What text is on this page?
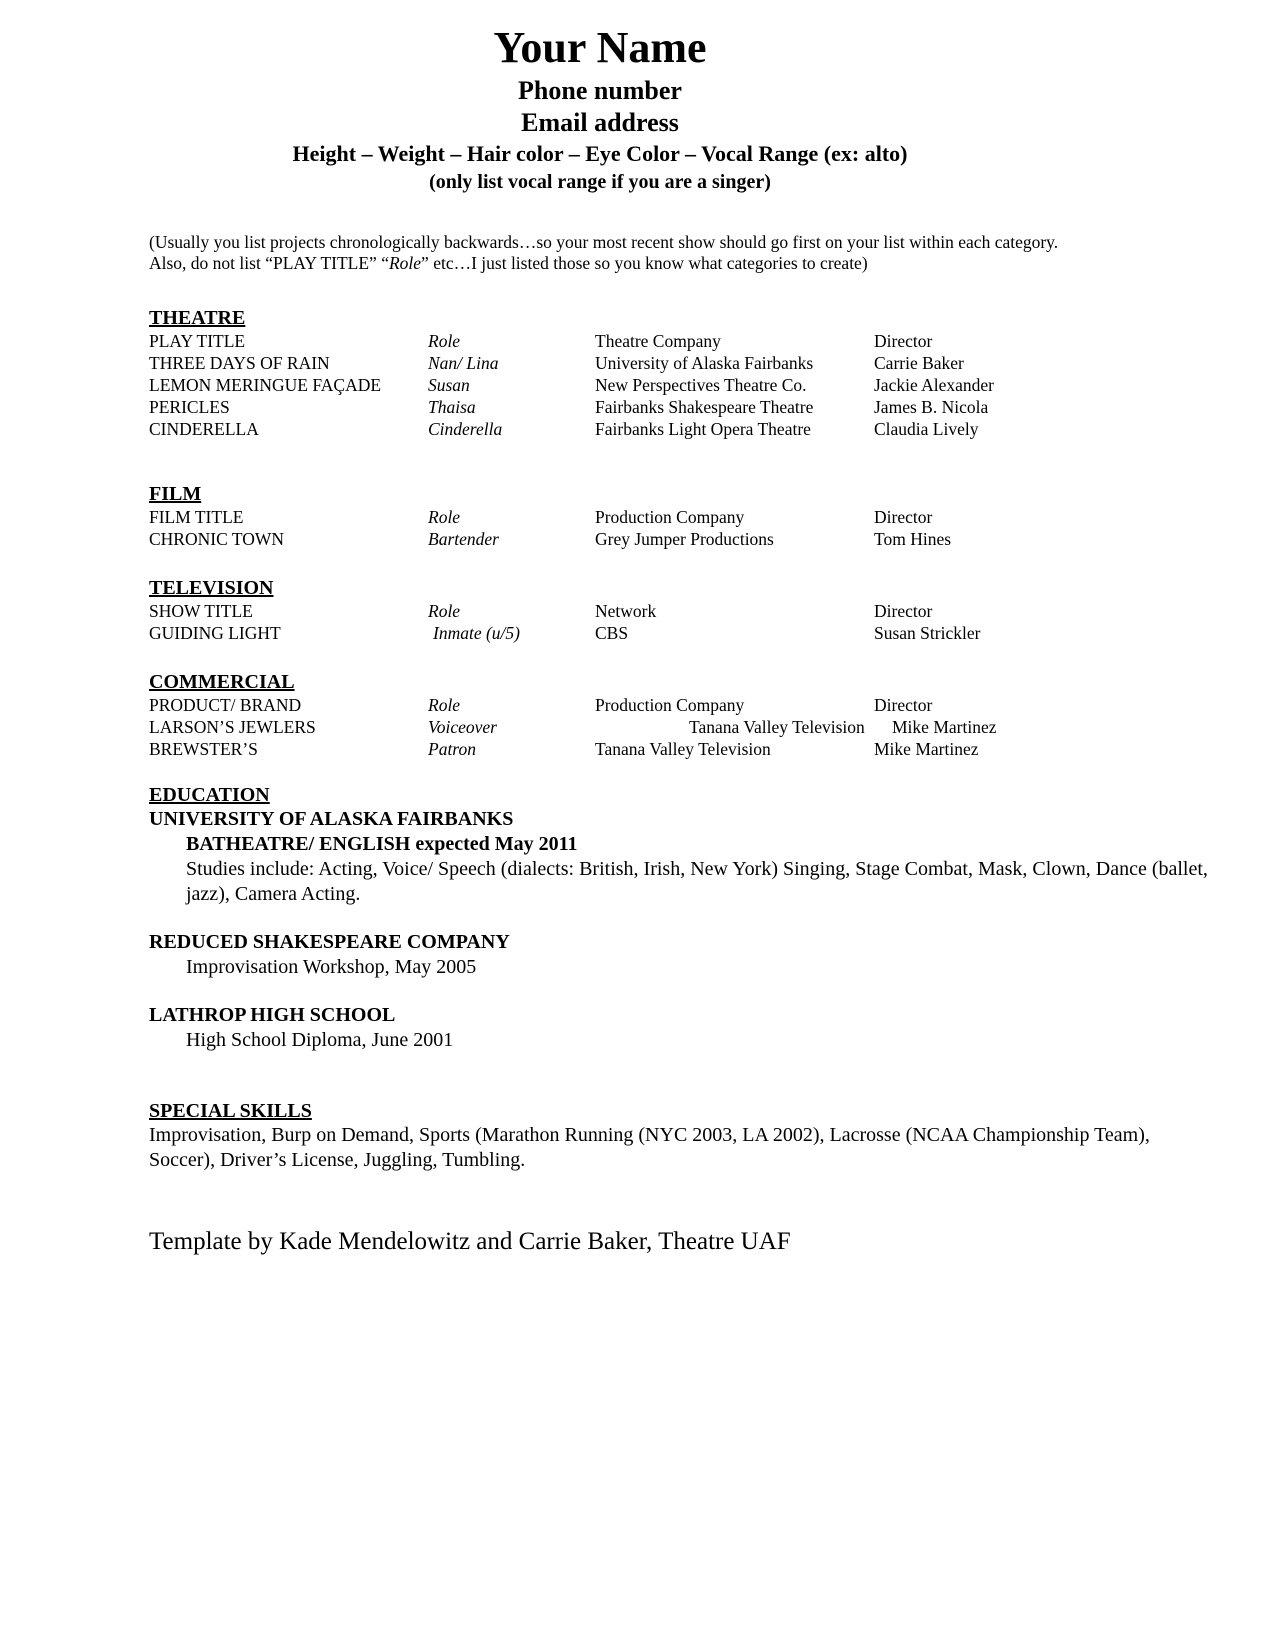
Your Name
Phone number
Email address
Height – Weight – Hair color – Eye Color – Vocal Range (ex: alto)
(only list vocal range if you are a singer)

(Usually you list projects chronologically backwards…so your most recent show should go first on your list within each category. Also, do not list “PLAY TITLE” “Role” etc…I just listed those so you know what categories to create)

THEATRE
PLAY TITLE	Role	Theatre Company	Director
THREE DAYS OF RAIN	Nan/ Lina	University of Alaska Fairbanks	Carrie Baker
LEMON MERINGUE FAÇADE	Susan	New Perspectives Theatre Co.	Jackie Alexander
PERICLES	Thaisa	Fairbanks Shakespeare Theatre	James B. Nicola
CINDERELLA	Cinderella	Fairbanks Light Opera Theatre	Claudia Lively
FILM
FILM TITLE	Role	Production Company	Director
CHRONIC TOWN	Bartender	Grey Jumper Productions	Tom Hines
TELEVISION
SHOW TITLE	Role	Network	Director
GUIDING LIGHT	Inmate (u/5)	CBS	Susan Strickler
COMMERCIAL
PRODUCT/ BRAND	Role	Production Company	Director
LARSON’S JEWLERS	Voiceover	Tanana Valley Television	Mike Martinez
BREWSTER’S	Patron	Tanana Valley Television	Mike Martinez
EDUCATION
UNIVERSITY OF ALASKA FAIRBANKS
BATHEATRE/ ENGLISH expected May 2011
Studies include: Acting, Voice/ Speech (dialects: British, Irish, New York) Singing, Stage Combat, Mask, Clown, Dance (ballet, jazz), Camera Acting.
REDUCED SHAKESPEARE COMPANY
Improvisation Workshop, May 2005
LATHROP HIGH SCHOOL
High School Diploma, June 2001
SPECIAL SKILLS
Improvisation, Burp on Demand, Sports (Marathon Running (NYC 2003, LA 2002), Lacrosse (NCAA Championship Team), Soccer), Driver’s License, Juggling, Tumbling.
Template by Kade Mendelowitz and Carrie Baker, Theatre UAF
